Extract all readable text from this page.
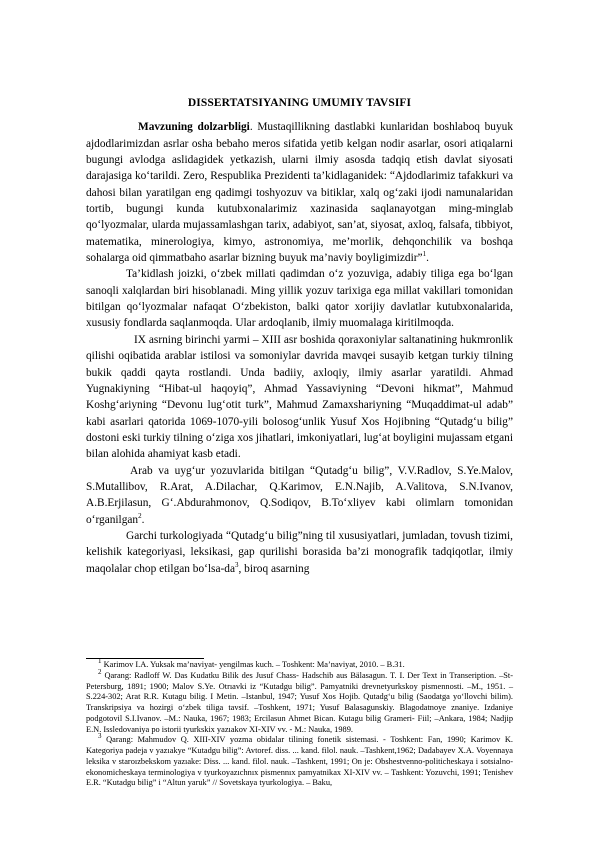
DISSERTATSIYANING UMUMIY TAVSIFI

Mavzuning dolzarbligi. Mustaqillikning dastlabki kunlaridan boshlaboq buyuk ajdodlarimizdan asrlar osha bebaho meros sifatida yetib kelgan nodir asarlar, osori atiqalarni bugungi avlodga aslidagidek yetkazish, ularni ilmiy asosda tadqiq etish davlat siyosati darajasiga ko‘tarildi. Zero, Respublika Prezidenti ta’kidlaganidek: “Ajdodlarimiz tafakkuri va dahosi bilan yaratilgan eng qadimgi toshyozuv va bitiklar, xalq og‘zaki ijodi namunalaridan tortib, bugungi kunda kutubxonalarimiz xazinasida saqlanayotgan ming-minglab qo‘lyozmalar, ularda mujassamlashgan tarix, adabiyot, san’at, siyosat, axloq, falsafa, tibbiyot, matematika, minerologiya, kimyo, astronomiya, me’morlik, dehqonchilik va boshqa sohalarga oid qimmatbaho asarlar bizning buyuk ma’naviy boyligimizdir”$^1$.

Ta’kidlash joizki, o‘zbek millati qadimdan o‘z yozuviga, adabiy tiliga ega bo‘lgan sanoqli xalqlardan biri hisoblanadi. Ming yillik yozuv tarixiga ega millat vakillari tomonidan bitilgan qo‘lyozmalar nafaqat O‘zbekiston, balki qator xorijiy davlatlar kutubxonalarida, xususiy fondlarda saqlanmoqda. Ular ardoqlanib, ilmiy muomalaga kiritilmoqda.

IX asrning birinchi yarmi – XIII asr boshida qoraxoniylar saltanatining hukmronlik qilishi oqibatida arablar istilosi va somoniylar davrida mavqei susayib ketgan turkiy tilning bukik qaddi qayta rostlandi. Unda badiiy, axloqiy, ilmiy asarlar yaratildi. Ahmad Yugnakiyning “Hibat-ul haqoyiq”, Ahmad Yassaviyning “Devoni hikmat”, Mahmud Koshg‘ariyning “Devonu lug‘otit turk”, Mahmud Zamaxshariyning “Muqaddimat-ul adab” kabi asarlari qatorida 1069-1070-yili bolosog‘unlik Yusuf Xos Hojibning “Qutadg‘u bilig” dostoni eski turkiy tilning o‘ziga xos jihatlari, imkoniyatlari, lug‘at boyligini mujassam etgani bilan alohida ahamiyat kasb etadi.

Arab va uyg‘ur yozuvlarida bitilgan “Qutadg‘u bilig”, V.V.Radlov, S.Ye.Malov, S.Mutallibov, R.Arat, A.Dilachar, Q.Karimov, E.N.Najib, A.Valitova, S.N.Ivanov, A.B.Erjilasun, G‘.Abdurahmonov, Q.Sodiqov, B.To‘xliyev kabi olimlarn tomonidan o‘rganilgan$^2$.

Garchi turkologiyada “Qutadg‘u bilig”ning til xususiyatlari, jumladan, tovush tizimi, kelishik kategoriyasi, leksikasi, gap qurilishi borasida ba’zi monografik tadqiqotlar, ilmiy maqolalar chop etilgan $bo‘lsa-da^3$, biroq asarning

$^1$ Karimov I.A. Yuksak ma’naviyat- yengilmas kuch. – Toshkent: Ma’naviyat, 2010. – B.31.

$^2$ Qarang: Radloff W. Das Kudatku Bilik des Jusuf Chass- Hadschib aus Bälasagun. T. I. Der Text in Transeription. –St-Petersburg, 1891; 1900; Malov S.Ye. Otrıavki iz “Kutadgu bilig”. Pamyatniki drevnetyurkskoy pismennosti. –M., 1951. – S.224-302; Arat R.R. Kutagu bilig. I Metin. –Istanbul, 1947; Yusuf Xos Hojib. Qutadg‘u bilig (Saodatga yo‘llovchi bilim). Transkripsiya va hozirgi o‘zbek tiliga tavsif. –Toshkent, 1971; Yusuf Balasagunskiy. Blagodatnoye znaniye. Izdaniye podgotovil S.I.Ivanov. –M.: Nauka, 1967; 1983; Ercilasun Ahmet Bican. Kutagu bilig Grameri- Fiil; –Ankara, 1984; Nadjip E.N. Issledovaniya po istorii tyurkskix yazıakov XI-XIV vv. - M.: Nauka, 1989.

$^3$ Qarang: Mahmudov Q. XIII-XIV yozma obidalar tilining fonetik sistemasi. - Toshkent: Fan, 1990; Karimov K. Kategoriya padeja v yazıakye “Kutadgu bilig”: Avtoref. diss. ... kand. filol. nauk. –Tashkent,1962; Dadabayev X.A. Voyennaya leksika v staroızbekskom yazıake: Diss. ... kand. filol. nauk. –Tashkent, 1991; On je: Obshestvenno-politicheskaya i sotsialno-ekonomicheskaya terminologiya v tyurkoyazıchnıx pismennıx pamyatnikax XI-XIV vv. – Tashkent: Yozuvchi, 1991; Tenishev E.R. “Kutadgu bilig” i “Altun yaruk” // Sovetskaya tyurkologiya. – Baku,
